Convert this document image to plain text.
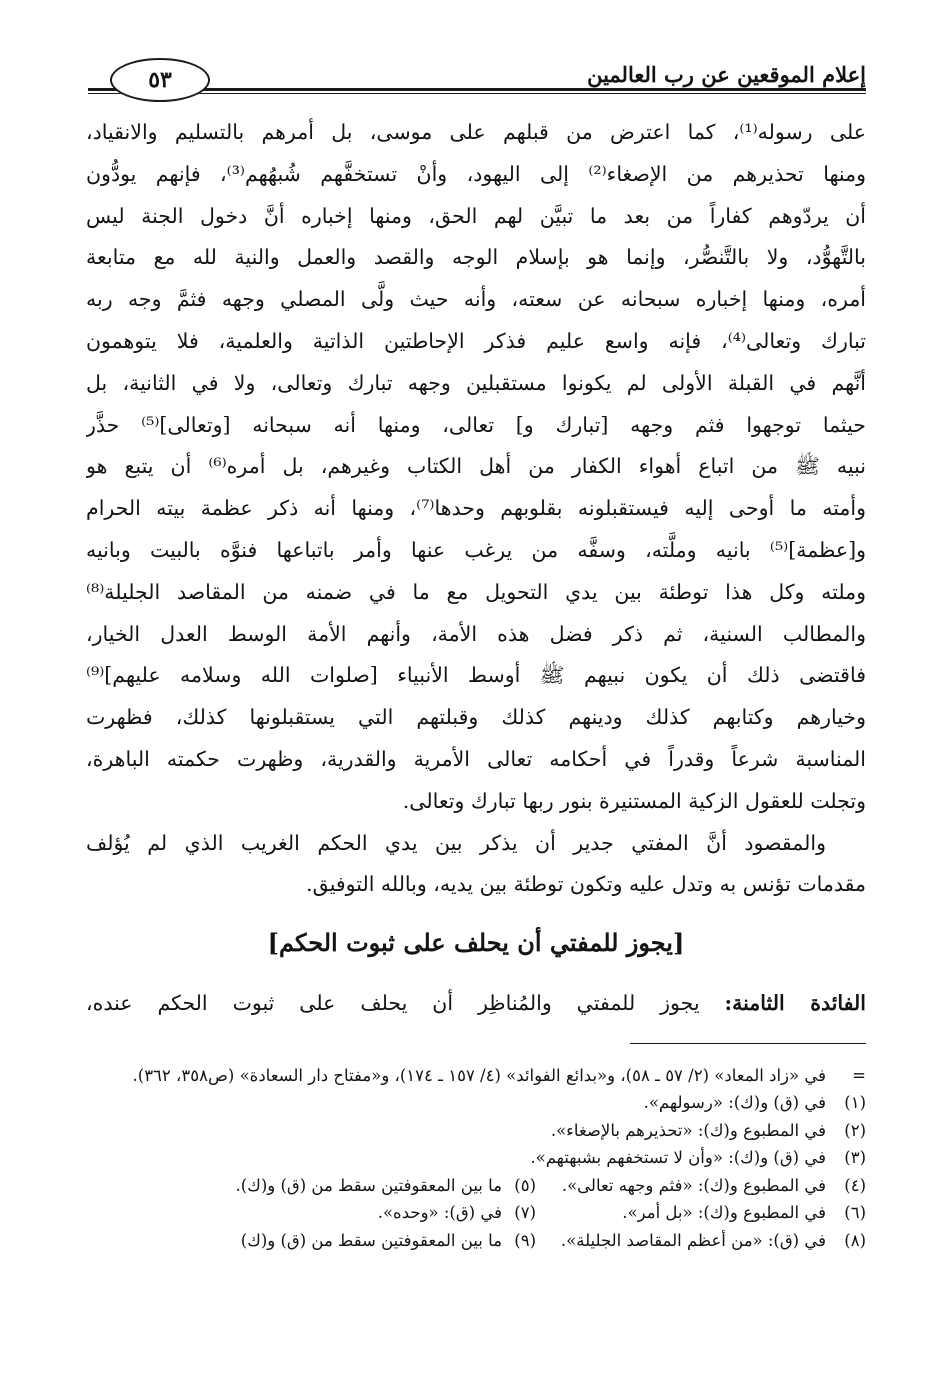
إعلام الموقعين عن رب العالمين
٥٣
على رسوله⁽¹⁾، كما اعترض من قبلهم على موسى، بل أمرهم بالتسليم والانقياد،
ومنها تحذيرهم من الإصغاء⁽²⁾ إلى اليهود، وأنْ تستخفَّهم شُبهُهم⁽³⁾، فإنهم يودُّون
أن يردّوهم كفاراً من بعد ما تبيَّن لهم الحق، ومنها إخباره أنَّ دخول الجنة ليس
بالتَّهوُّد، ولا بالتَّنصُّر، وإنما هو بإسلام الوجه والقصد والعمل والنية لله مع متابعة
أمره، ومنها إخباره سبحانه عن سعته، وأنه حيث ولَّى المصلي وجهه فثمَّ وجه ربه
تبارك وتعالى⁽⁴⁾، فإنه واسع عليم فذكر الإحاطتين الذاتية والعلمية، فلا يتوهمون
أنَّهم في القبلة الأولى لم يكونوا مستقبلين وجهه تبارك وتعالى، ولا في الثانية، بل
حيثما توجهوا فثم وجهه [تبارك و] تعالى، ومنها أنه سبحانه [وتعالى]⁽⁵⁾ حذَّر
نبيه ﷺ من اتباع أهواء الكفار من أهل الكتاب وغيرهم، بل أمره⁽⁶⁾ أن يتبع هو
وأمته ما أوحى إليه فيستقبلونه بقلوبهم وحدها⁽⁷⁾، ومنها أنه ذكر عظمة بيته الحرام
و[عظمة]⁽⁵⁾ بانيه وملَّته، وسفَّه من يرغب عنها وأمر باتباعها فنوَّه بالبيت وبانيه
وملته وكل هذا توطئة بين يدي التحويل مع ما في ضمنه من المقاصد الجليلة⁽⁸⁾
والمطالب السنية، ثم ذكر فضل هذه الأمة، وأنهم الأمة الوسط العدل الخيار،
فاقتضى ذلك أن يكون نبيهم ﷺ أوسط الأنبياء [صلوات الله وسلامه عليهم]⁽⁹⁾
وخيارهم وكتابهم كذلك ودينهم كذلك وقبلتهم التي يستقبلونها كذلك، فظهرت
المناسبة شرعاً وقدراً في أحكامه تعالى الأمرية والقدرية، وظهرت حكمته الباهرة،
وتجلت للعقول الزكية المستنيرة بنور ربها تبارك وتعالى.
والمقصود أنَّ المفتي جدير أن يذكر بين يدي الحكم الغريب الذي لم يُؤلف
مقدمات تؤنس به وتدل عليه وتكون توطئة بين يديه، وبالله التوفيق.
[يجوز للمفتي أن يحلف على ثبوت الحكم]
الفائدة الثامنة: يجوز للمفتي والمُناظِر أن يحلف على ثبوت الحكم عنده،
=
في «زاد المعاد» (٢/ ٥٧ ـ ٥٨)، و«بدائع الفوائد» (٤/ ١٥٧ ـ ١٧٤)، و«مفتاح دار السعادة» (ص٣٥٨، ٣٦٢).
(١)
في (ق) و(ك): «رسولهم».
(٢)
في المطبوع و(ك): «تحذيرهم بالإصغاء».
(٣)
في (ق) و(ك): «وأن لا تستخفهم بشبهتهم».
(٤)
في المطبوع و(ك): «فثم وجهه تعالى».
(٥)
ما بين المعقوفتين سقط من (ق) و(ك).
(٦)
في المطبوع و(ك): «بل أمر».
(٧)
في (ق): «وحده».
(٨)
في (ق): «من أعظم المقاصد الجليلة».
(٩)
ما بين المعقوفتين سقط من (ق) و(ك)
